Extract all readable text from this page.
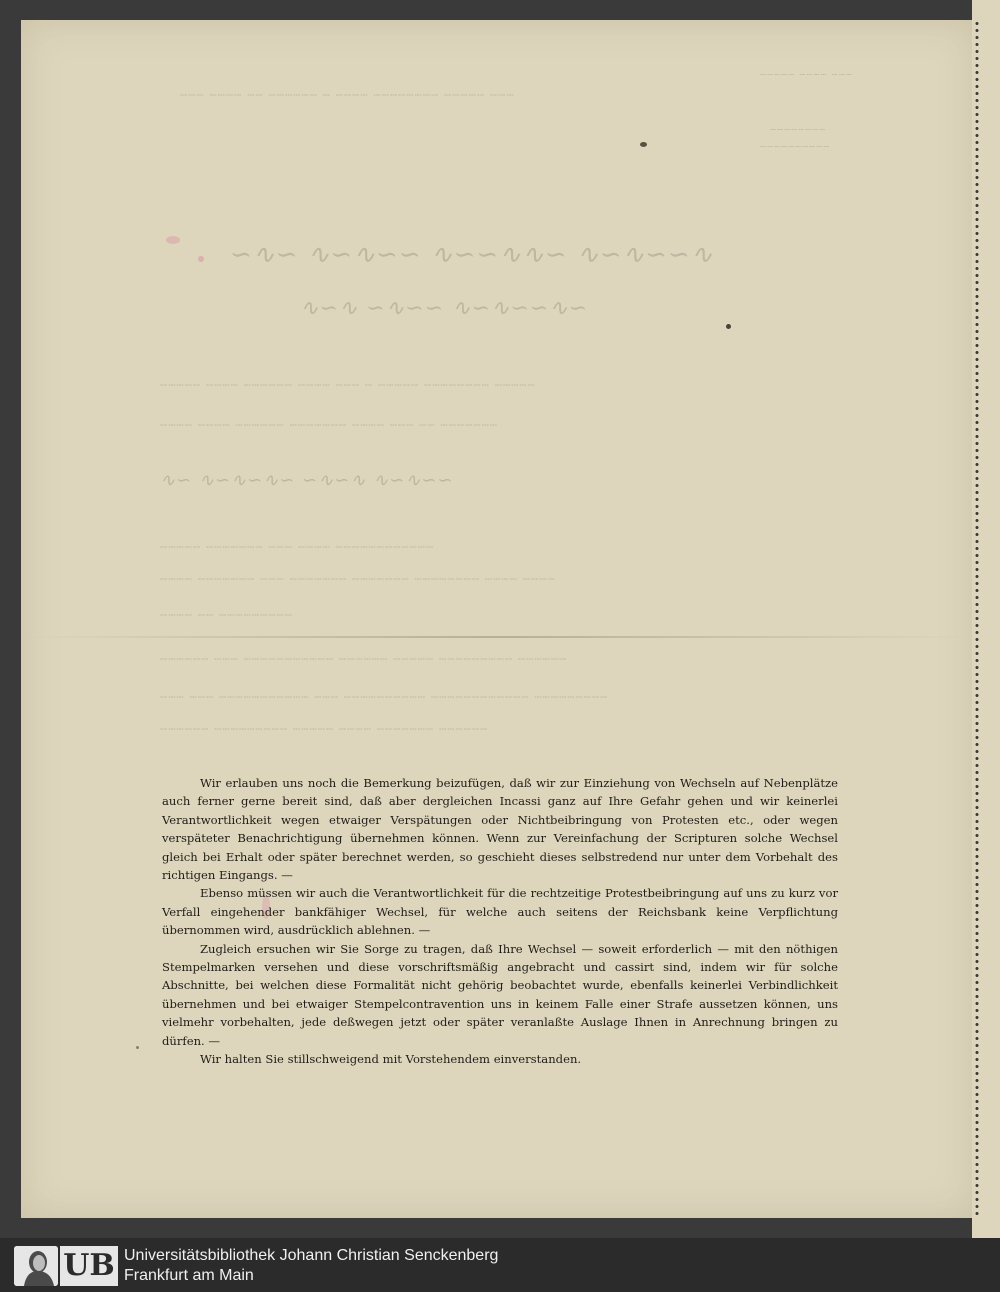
┄┄┄ ┄┄┄┄ ┄┄ ┄┄┄┄┄┄ ┄ ┄┄┄┄ ┄┄┄┄┄┄┄┄ ┄┄┄┄┄ ┄┄┄
┄┄┄┄┄ ┄┄┄┄ ┄┄┄
┄┄┄┄┄┄┄┄
┄┄┄┄┄┄┄┄┄┄
∽∿∽ ∿∽∿∽∽ ∿∽∽∿∿∽ ∿∽∿∽∽∿
∿∽∿ ∽∿∽∽ ∿∽∿∽∽∿∽
┄┄┄┄┄ ┄┄┄┄ ┄┄┄┄┄┄ ┄┄┄┄ ┄┄┄ ┄ ┄┄┄┄┄ ┄┄┄┄┄┄┄┄ ┄┄┄┄┄
┄┄┄┄ ┄┄┄┄ ┄┄┄┄┄┄ ┄┄┄┄┄┄┄ ┄┄┄┄ ┄┄┄ ┄┄ ┄┄┄┄┄┄┄
∿∽ ∿∽∿∽∿∽ ∽∿∽∿ ∿∽∿∽∽
┄┄┄┄┄ ┄┄┄┄┄┄┄ ┄┄┄ ┄┄┄┄ ┄┄┄┄┄┄┄┄┄┄┄┄
┄┄┄┄ ┄┄┄┄┄┄┄ ┄┄┄ ┄┄┄┄┄┄┄ ┄┄┄┄┄┄┄ ┄┄┄┄┄┄┄┄ ┄┄┄┄ ┄┄┄┄
┄┄┄┄ ┄┄ ┄┄┄┄┄┄┄┄┄
┄┄┄┄┄┄ ┄┄┄ ┄┄┄┄┄┄┄┄┄┄┄ ┄┄┄┄┄┄ ┄┄┄┄┄ ┄┄┄┄┄┄┄┄┄ ┄┄┄┄┄┄
┄┄┄ ┄┄┄ ┄┄┄┄┄┄┄┄┄┄┄ ┄┄┄ ┄┄┄┄┄┄┄┄┄┄ ┄┄┄┄┄┄┄┄┄┄┄┄ ┄┄┄┄┄┄┄┄┄
┄┄┄┄┄┄ ┄┄┄┄┄┄┄┄┄ ┄┄┄┄┄ ┄┄┄┄ ┄┄┄┄┄┄┄ ┄┄┄┄┄┄

Wir erlauben uns noch die Bemerkung beizufügen, daß wir zur Einziehung von Wechseln auf Nebenplätze auch ferner gerne bereit sind, daß aber dergleichen Incassi ganz auf Ihre Gefahr gehen und wir keinerlei Verantwortlichkeit wegen etwaiger Verspätungen oder Nichtbeibringung von Protesten etc., oder wegen verspäteter Benachrichtigung übernehmen können. Wenn zur Vereinfachung der Scripturen solche Wechsel gleich bei Erhalt oder später berechnet werden, so geschieht dieses selbstredend nur unter dem Vorbehalt des richtigen Eingangs. —

Ebenso müssen wir auch die Verantwortlichkeit für die rechtzeitige Protestbeibringung auf uns zu kurz vor Verfall eingehender bankfähiger Wechsel, für welche auch seitens der Reichsbank keine Verpflichtung übernommen wird, ausdrücklich ablehnen. —

Zugleich ersuchen wir Sie Sorge zu tragen, daß Ihre Wechsel — soweit erforderlich — mit den nöthigen Stempelmarken versehen und diese vorschriftsmäßig angebracht und cassirt sind, indem wir für solche Abschnitte, bei welchen diese Formalität nicht gehörig beobachtet wurde, ebenfalls keinerlei Verbindlichkeit übernehmen und bei etwaiger Stempelcontravention uns in keinem Falle einer Strafe aussetzen können, uns vielmehr vorbehalten, jede deßwegen jetzt oder später veranlaßte Auslage Ihnen in Anrechnung bringen zu dürfen. —

Wir halten Sie stillschweigend mit Vorstehendem einverstanden.

UB Universitätsbibliothek Johann Christian Senckenberg
Frankfurt am Main
